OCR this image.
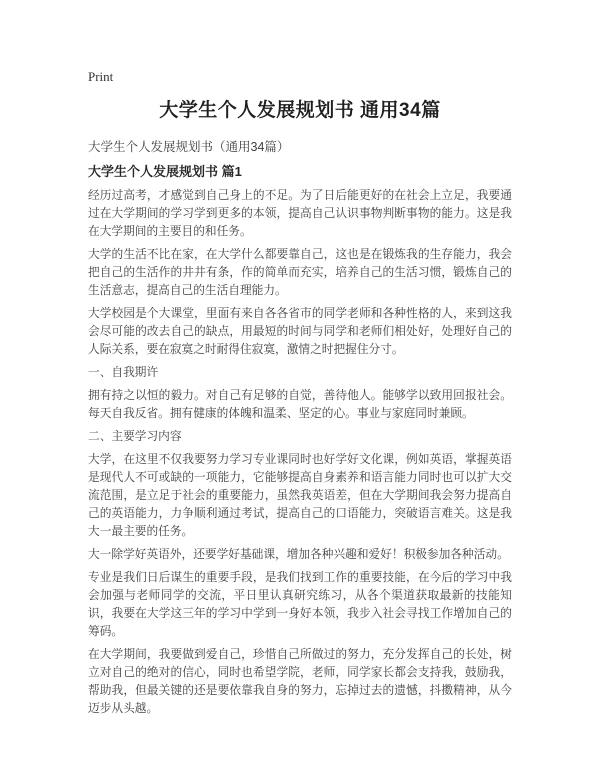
Print
大学生个人发展规划书 通用34篇
大学生个人发展规划书（通用34篇）
大学生个人发展规划书 篇1

经历过高考，才感觉到自己身上的不足。为了日后能更好的在社会上立足，我要通过在大学期间的学习学到更多的本领，提高自己认识事物判断事物的能力。这是我在大学期间的主要目的和任务。

大学的生活不比在家，在大学什么都要靠自己，这也是在锻炼我的生存能力，我会把自己的生活作的井井有条，作的简单而充实，培养自己的生活习惯，锻炼自己的生活意志，提高自己的生活自理能力。

大学校园是个大课堂，里面有来自各各省市的同学老师和各种性格的人，来到这我会尽可能的改去自己的缺点，用最短的时间与同学和老师们相处好，处理好自己的人际关系，要在寂寞之时耐得住寂寞，激情之时把握住分寸。

一、自我期许

拥有持之以恒的毅力。对自己有足够的自觉，善待他人。能够学以致用回报社会。每天自我反省。拥有健康的体魄和温柔、坚定的心。事业与家庭同时兼顾。

二、主要学习内容

大学，在这里不仅我要努力学习专业课同时也好学好文化课，例如英语，掌握英语是现代人不可或缺的一项能力，它能够提高自身素养和语言能力同时也可以扩大交流范围，是立足于社会的重要能力，虽然我英语差，但在大学期间我会努力提高自己的英语能力，力争顺利通过考试，提高自己的口语能力，突破语言难关。这是我大一最主要的任务。

大一除学好英语外，还要学好基础课，增加各种兴趣和爱好！积极参加各种活动。

专业是我们日后谋生的重要手段，是我们找到工作的重要技能，在今后的学习中我会加强与老师同学的交流，平日里认真研究练习，从各个渠道获取最新的技能知识，我要在大学这三年的学习中学到一身好本领，我步入社会寻找工作增加自己的筹码。

在大学期间，我要做到爱自己，珍惜自己所做过的努力，充分发挥自己的长处，树立对自己的绝对的信心，同时也希望学院，老师，同学家长都会支持我，鼓励我，帮助我，但最关键的还是要依靠我自身的努力，忘掉过去的遗憾，抖擞精神，从今迈步从头越。
